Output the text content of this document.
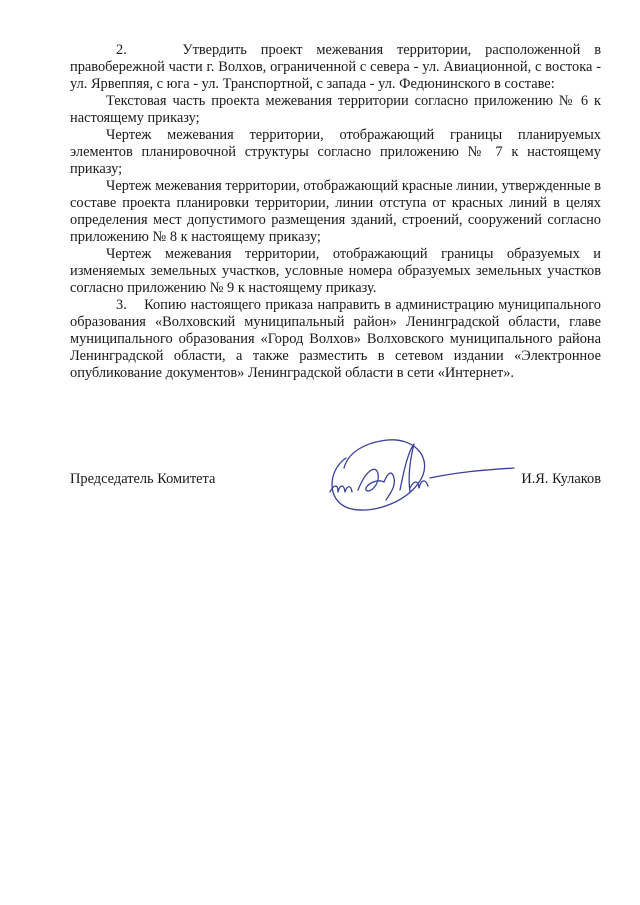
2.    Утвердить проект межевания территории, расположенной в правобережной части г. Волхов, ограниченной с севера - ул. Авиационной, с востока - ул. Ярвеппяя, с юга - ул. Транспортной, с запада - ул. Федюнинского в составе:

Текстовая часть проекта межевания территории согласно приложению № 6 к настоящему приказу;

Чертеж межевания территории, отображающий границы планируемых элементов планировочной структуры согласно приложению № 7 к настоящему приказу;

Чертеж межевания территории, отображающий красные линии, утвержденные в составе проекта планировки территории, линии отступа от красных линий в целях определения мест допустимого размещения зданий, строений, сооружений согласно приложению № 8 к настоящему приказу;

Чертеж межевания территории, отображающий границы образуемых и изменяемых земельных участков, условные номера образуемых земельных участков согласно приложению № 9 к настоящему приказу.

3.    Копию настоящего приказа направить в администрацию муниципального образования «Волховский муниципальный район» Ленинградской области, главе муниципального образования «Город Волхов» Волховского муниципального района Ленинградской области, а также разместить в сетевом издании «Электронное опубликование документов» Ленинградской области в сети «Интернет».

Председатель Комитета	И.Я. Кулаков
